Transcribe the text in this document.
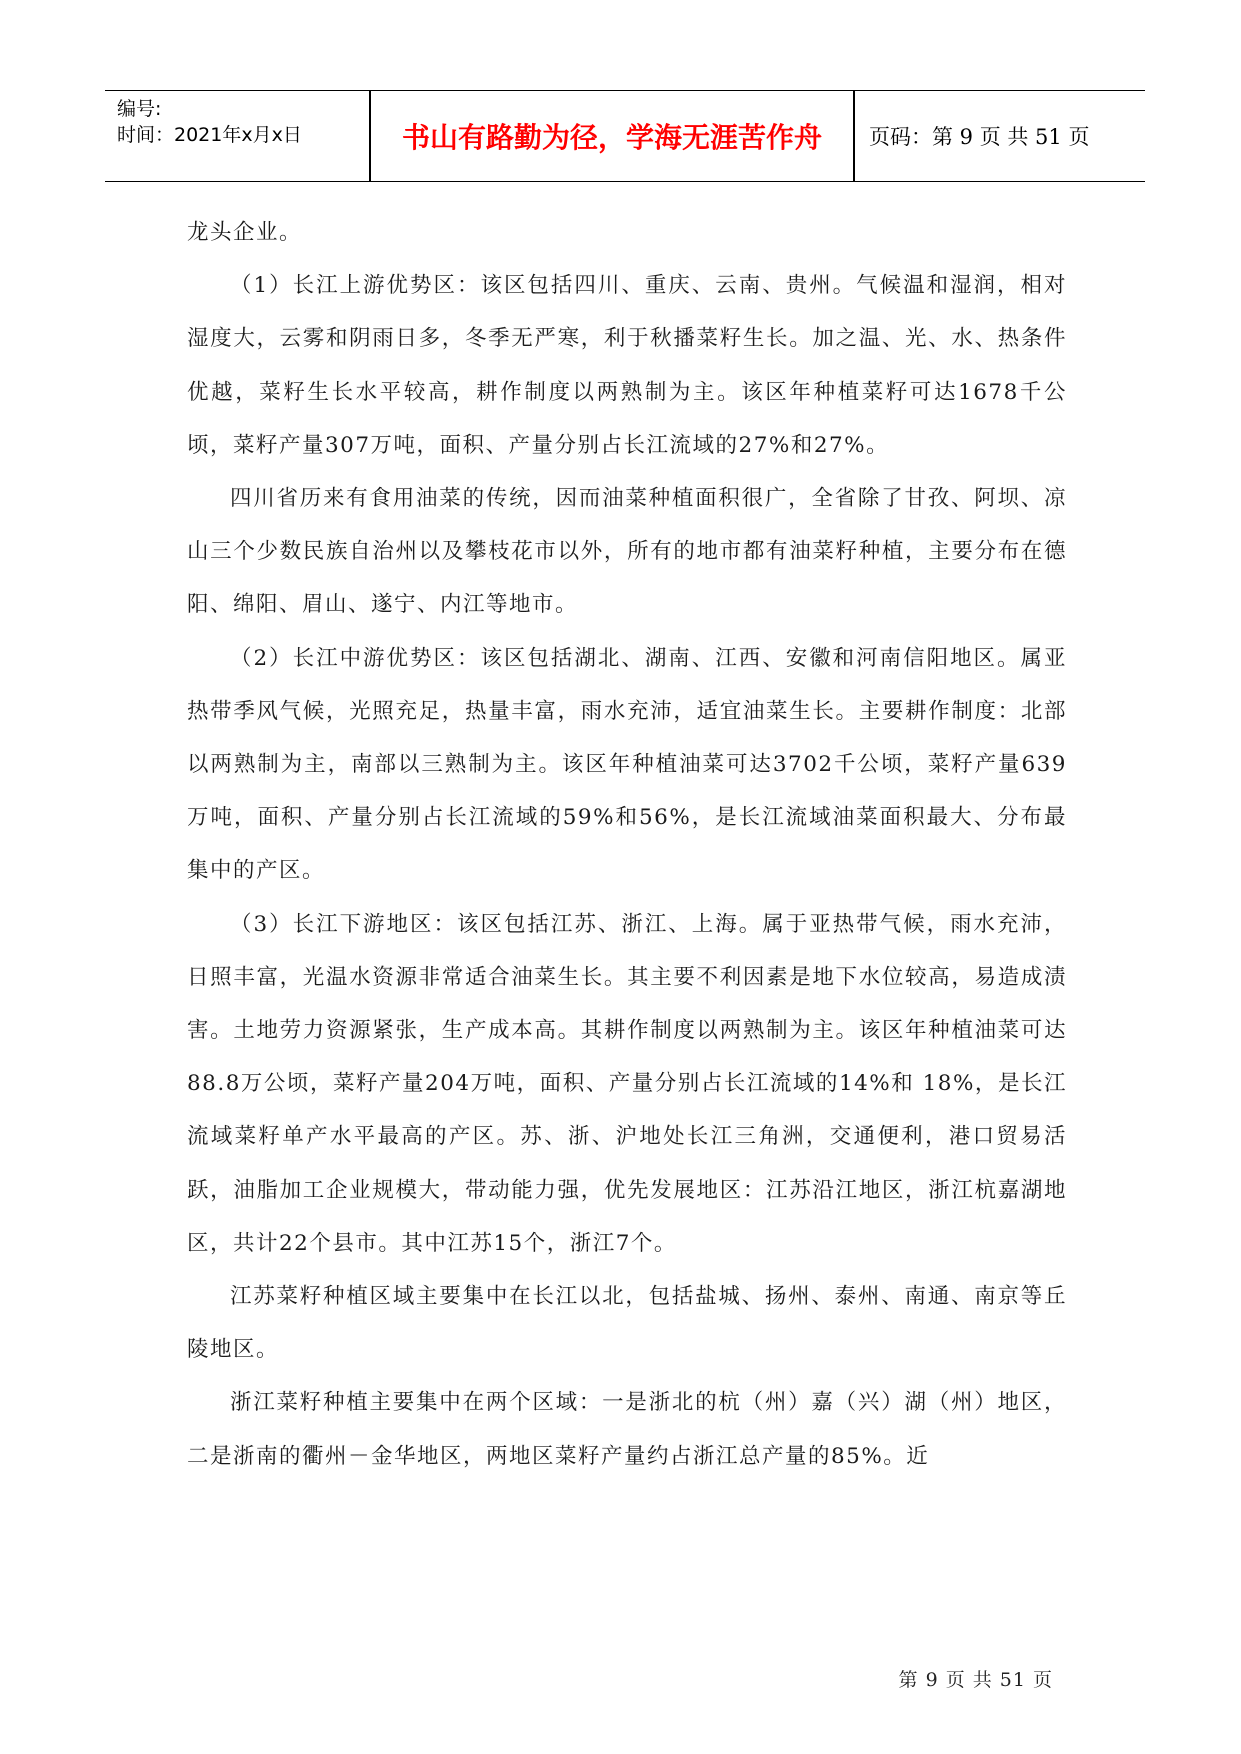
编号:
时间：2021年x月x日	书山有路勤为径，学海无涯苦作舟	页码：第 9 页 共 51 页

龙头企业。

（1）长江上游优势区：该区包括四川、重庆、云南、贵州。气候温和湿润，相对湿度大，云雾和阴雨日多，冬季无严寒，利于秋播菜籽生长。加之温、光、水、热条件优越，菜籽生长水平较高，耕作制度以两熟制为主。该区年种植菜籽可达1678千公顷，菜籽产量307万吨，面积、产量分别占长江流域的27%和27%。

四川省历来有食用油菜的传统，因而油菜种植面积很广，全省除了甘孜、阿坝、凉山三个少数民族自治州以及攀枝花市以外，所有的地市都有油菜籽种植，主要分布在德阳、绵阳、眉山、遂宁、内江等地市。

（2）长江中游优势区：该区包括湖北、湖南、江西、安徽和河南信阳地区。属亚热带季风气候，光照充足，热量丰富，雨水充沛，适宜油菜生长。主要耕作制度：北部以两熟制为主，南部以三熟制为主。该区年种植油菜可达3702千公顷，菜籽产量639万吨，面积、产量分别占长江流域的59%和56%，是长江流域油菜面积最大、分布最集中的产区。

（3）长江下游地区：该区包括江苏、浙江、上海。属于亚热带气候，雨水充沛，日照丰富，光温水资源非常适合油菜生长。其主要不利因素是地下水位较高，易造成渍害。土地劳力资源紧张，生产成本高。其耕作制度以两熟制为主。该区年种植油菜可达88.8万公顷，菜籽产量204万吨，面积、产量分别占长江流域的14%和 18%，是长江流域菜籽单产水平最高的产区。苏、浙、沪地处长江三角洲，交通便利，港口贸易活跃，油脂加工企业规模大，带动能力强，优先发展地区：江苏沿江地区，浙江杭嘉湖地区，共计22个县市。其中江苏15个，浙江7个。

江苏菜籽种植区域主要集中在长江以北，包括盐城、扬州、泰州、南通、南京等丘陵地区。

浙江菜籽种植主要集中在两个区域：一是浙北的杭（州）嘉（兴）湖（州）地区，二是浙南的衢州－金华地区，两地区菜籽产量约占浙江总产量的85%。近

第 9 页 共 51 页
